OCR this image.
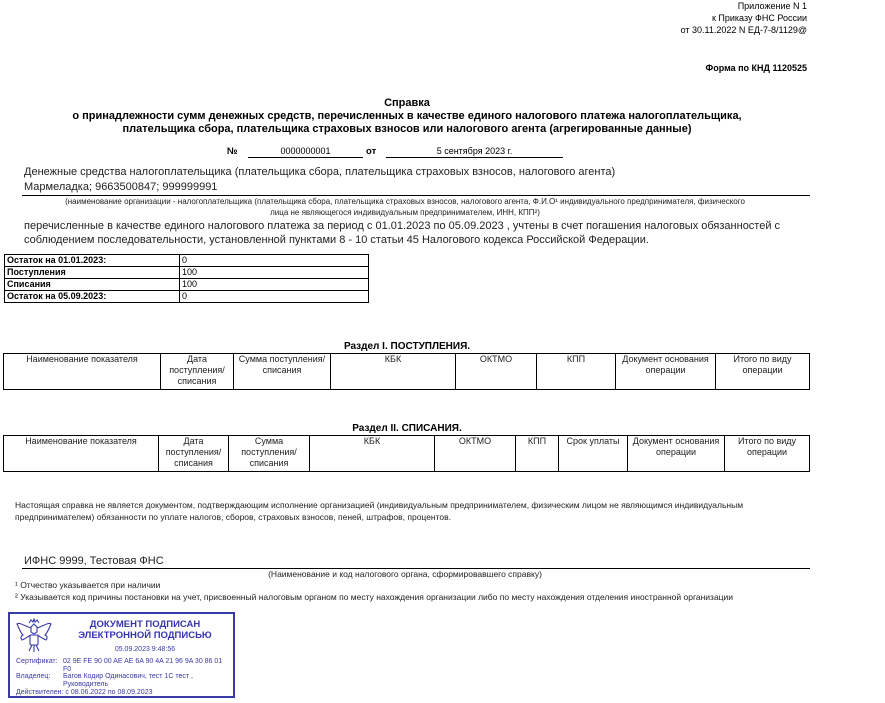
Приложение N 1
к Приказу ФНС России
от 30.11.2022 N ЕД-7-8/1129@
Форма по КНД 1120525
Справка
о принадлежности сумм денежных средств, перечисленных в качестве единого налогового платежа налогоплательщика,
плательщика сбора, плательщика страховых взносов или налогового агента (агрегированные данные)
№	0000000001	от	5 сентября 2023 г.
Денежные средства налогоплательщика (плательщика сбора, плательщика страховых взносов, налогового агента)
Мармеладка; 9663500847; 999999991
(наименование организации - налогоплательщика (плательщика сбора, плательщика страховых взносов, налогового агента, Ф.И.О¹ индивидуального предпринимателя, физического
лица не являющегося индивидуальным предпринимателем, ИНН, КПП²)
перечисленные в качестве единого налогового платежа за период с 01.01.2023 по 05.09.2023 , учтены в счет погашения налоговых обязанностей с
соблюдением последовательности, установленной пунктами 8 - 10 статьи 45 Налогового кодекса Российской Федерации.
Остаток на 01.01.2023:	0
Поступления	100
Списания	100
Остаток на 05.09.2023:	0
Раздел I. ПОСТУПЛЕНИЯ.
Наименование показателя	Дата поступления/ списания	Сумма поступления/ списания	КБК	ОКТМО	КПП	Документ основания операции	Итого по виду операции
Раздел II. СПИСАНИЯ.
Наименование показателя	Дата поступления/ списания	Сумма поступления/ списания	КБК	ОКТМО	КПП	Срок уплаты	Документ основания операции	Итого по виду операции
Настоящая справка не является документом, подтверждающим исполнение организацией (индивидуальным предпринимателем, физическим лицом не являющимся индивидуальным предпринимателем) обязанности по уплате налогов, сборов, страховых взносов, пеней, штрафов, процентов.
ИФНС 9999, Тестовая ФНС
(Наименование и код налогового органа, сформировавшего справку)
¹ Отчество указывается при наличии
² Указывается код причины постановки на учет, присвоенный налоговым органом по месту нахождения организации либо по месту нахождения отделения иностранной организации
ДОКУМЕНТ ПОДПИСАН
ЭЛЕКТРОННОЙ ПОДПИСЬЮ
05.09.2023 9:48:56
Сертификат: 02 9E FE 90 00 AE AE 6A 90 4A 21 96 9A 30 86 01 F0
Владелец: Багов Кодир Одинасович, тест 1С тест , Руководитель
Действителен: с 08.06.2022 по 08.09.2023
